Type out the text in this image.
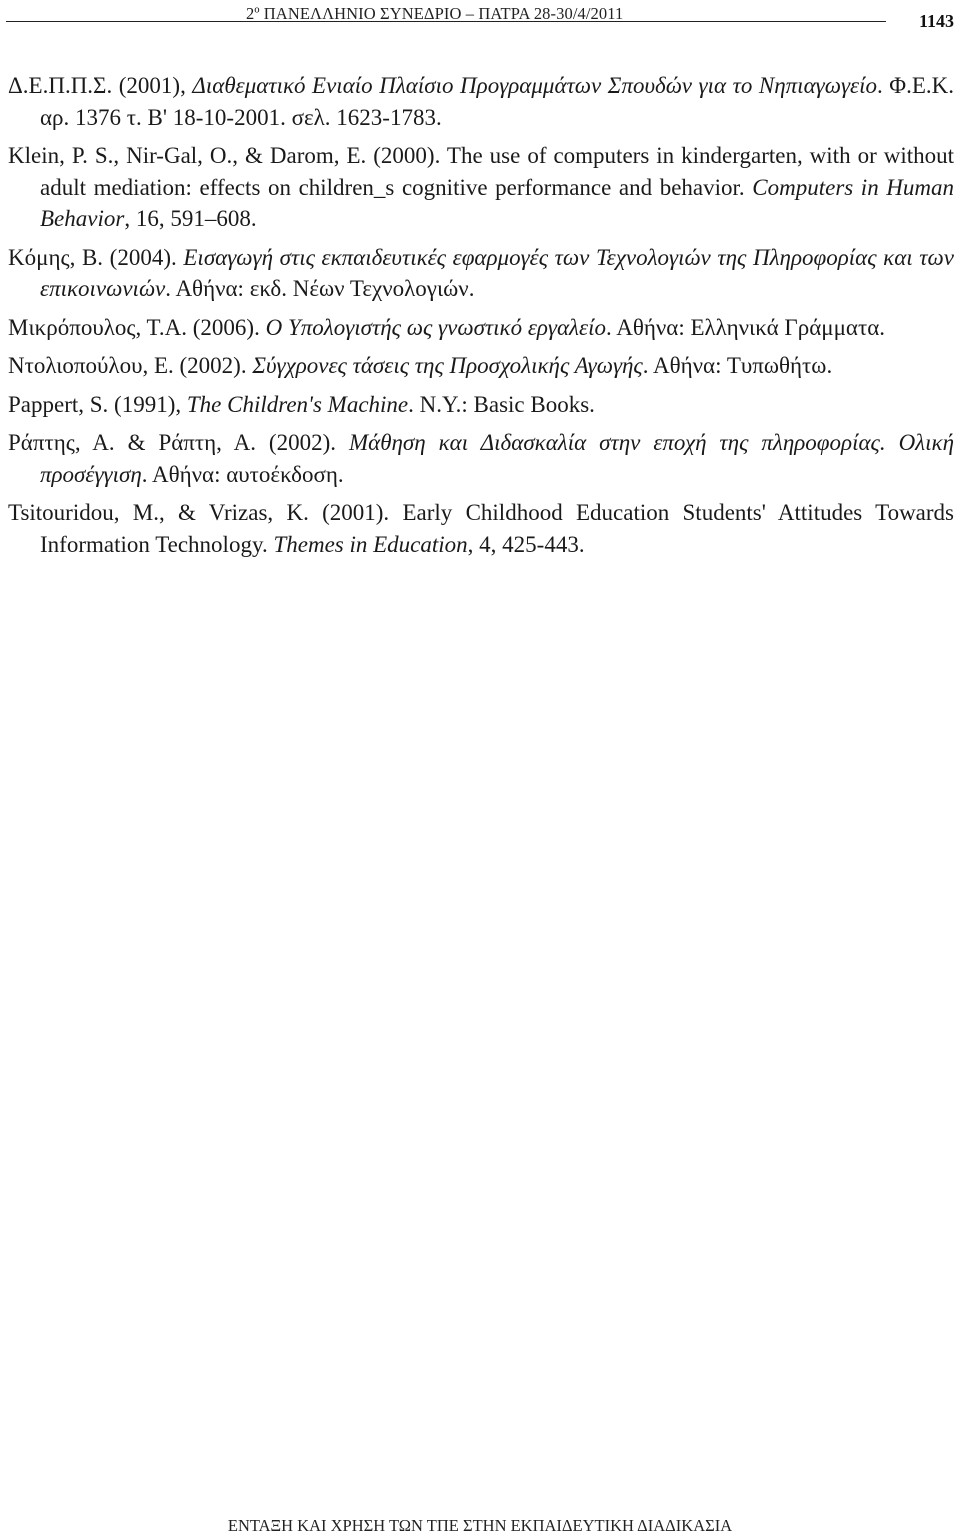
2º ΠΑΝΕΛΛΗΝΙΟ ΣΥΝΕΔΡΙΟ – ΠΑΤΡΑ 28-30/4/2011	1143

Δ.Ε.Π.Π.Σ. (2001), Διαθεματικό Ενιαίο Πλαίσιο Προγραμμάτων Σπουδών για το Νηπιαγωγείο. Φ.Ε.Κ. αρ. 1376 τ. Β' 18-10-2001. σελ. 1623-1783.

Klein, P. S., Nir-Gal, O., & Darom, E. (2000). The use of computers in kindergarten, with or without adult mediation: effects on children_s cognitive performance and behavior. Computers in Human Behavior, 16, 591–608.

Κόμης, Β. (2004). Εισαγωγή στις εκπαιδευτικές εφαρμογές των Τεχνολογιών της Πληροφορίας και των επικοινωνιών. Αθήνα: εκδ. Νέων Τεχνολογιών.

Μικρόπουλος, Τ.Α. (2006). Ο Υπολογιστής ως γνωστικό εργαλείο. Αθήνα: Ελληνικά Γράμματα.

Ντολιοπούλου, Ε. (2002). Σύγχρονες τάσεις της Προσχολικής Αγωγής. Αθήνα: Τυπωθήτω.

Pappert, S. (1991), The Children's Machine. N.Y.: Basic Books.

Ράπτης, Α. & Ράπτη, Α. (2002). Μάθηση και Διδασκαλία στην εποχή της πληροφορίας. Ολική προσέγγιση. Αθήνα: αυτοέκδοση.

Tsitouridou, M., & Vrizas, K. (2001). Early Childhood Education Students' Attitudes Towards Information Technology. Themes in Education, 4, 425-443.

ΕΝΤΑΞΗ ΚΑΙ ΧΡΗΣΗ ΤΩΝ ΤΠΕ ΣΤΗΝ ΕΚΠΑΙΔΕΥΤΙΚΗ ΔΙΑΔΙΚΑΣΙΑ
